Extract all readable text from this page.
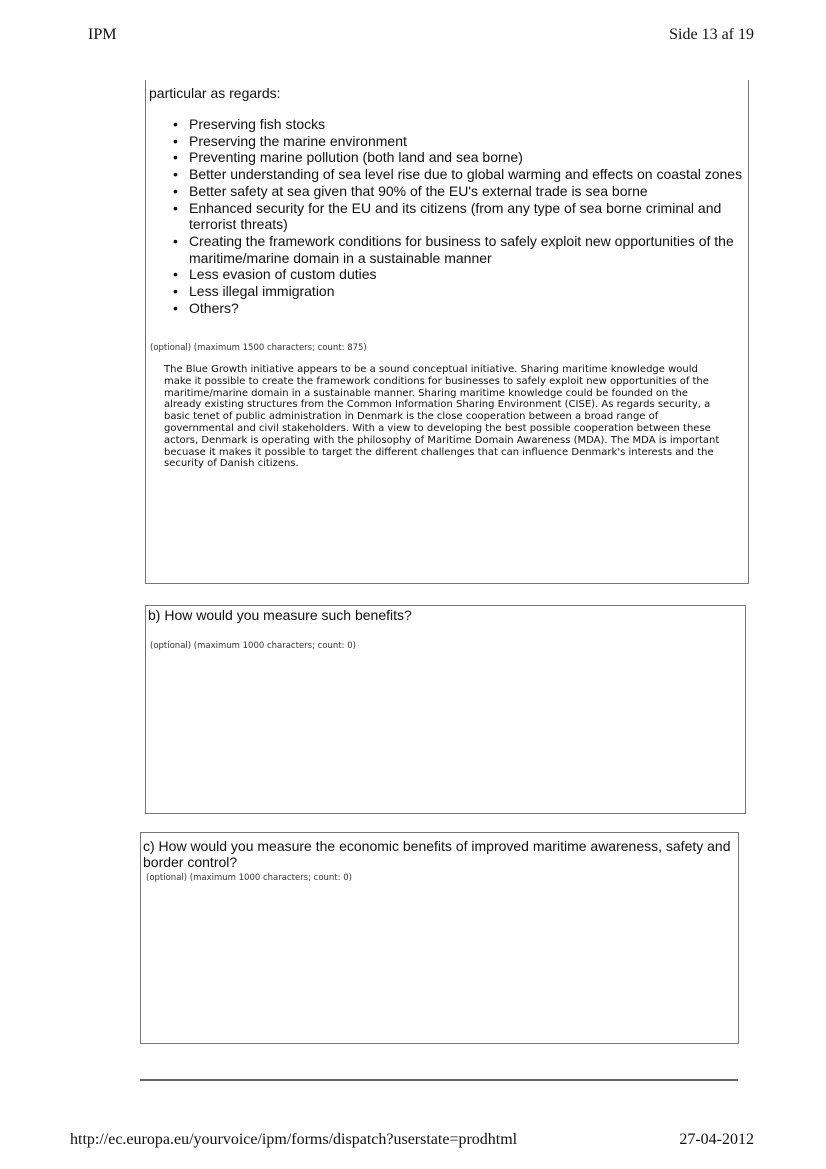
IPM	Side 13 af 19
particular as regards:
• Preserving fish stocks
• Preserving the marine environment
• Preventing marine pollution (both land and sea borne)
• Better understanding of sea level rise due to global warming and effects on coastal zones
• Better safety at sea given that 90% of the EU's external trade is sea borne
• Enhanced security for the EU and its citizens (from any type of sea borne criminal and terrorist threats)
• Creating the framework conditions for business to safely exploit new opportunities of the maritime/marine domain in a sustainable manner
• Less evasion of custom duties
• Less illegal immigration
• Others?
(optional) (maximum 1500 characters; count: 875)
The Blue Growth initiative appears to be a sound conceptual initiative. Sharing maritime knowledge would make it possible to create the framework conditions for businesses to safely exploit new opportunities of the maritime/marine domain in a sustainable manner. Sharing maritime knowledge could be founded on the already existing structures from the Common Information Sharing Environment (CISE). As regards security, a basic tenet of public administration in Denmark is the close cooperation between a broad range of governmental and civil stakeholders. With a view to developing the best possible cooperation between these actors, Denmark is operating with the philosophy of Maritime Domain Awareness (MDA). The MDA is important becuase it makes it possible to target the different challenges that can influence Denmark's interests and the security of Danish citizens.
b) How would you measure such benefits?
(optional) (maximum 1000 characters; count: 0)
c) How would you measure the economic benefits of improved maritime awareness, safety and border control?
(optional) (maximum 1000 characters; count: 0)
http://ec.europa.eu/yourvoice/ipm/forms/dispatch?userstate=prodhtml	27-04-2012
